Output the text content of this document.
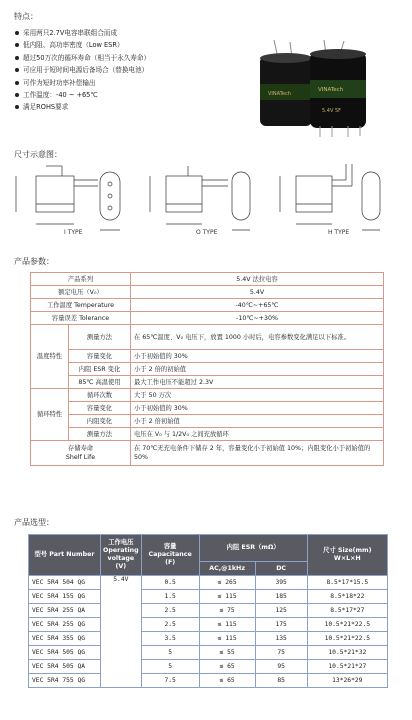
特点：
采用两只2.7V电容串联组合而成
低内阻、高功率密度（Low ESR）
超过50万次的循环寿命（相当于永久寿命）
可应用于短时间电源后备场合（替换电池）
可作为短时功率补偿输出
工作温度：-40 ~ +65℃
满足ROHS要求
VINATech
VINATech
5.4V 5F
尺寸示意图：
I TYPE	O TYPE	H TYPE
产品参数：
产品系列		5.4V 法拉电容
额定电压（V₀）		5.4V
工作温度 Temperature		-40℃~+65℃
容量误差 Tolerance		-10℃~+30%
温度特性	测量方法	在 65℃温度、V₀ 电压下，放置 1000 小时后，电容参数变化满足以下标准。
	容量变化	小于初始值的 30%
	内阻 ESR 变化	小于 2 倍的初始值
	85℃ 高温使用	最大工作电压不能超过 2.3V
循环特性	循环次数	大于 50 万次
	容量变化	小于初始值的 30%
	内阻变化	小于 2 倍初始值
	测量方法	电压在 V₀ 与 1/2V₀ 之间充放循环
存储寿命
Shelf Life		在 70℃无充电条件下储存 2 年，容量变化小于初始值 10%；内阻变化小于初始值的 50%
产品选型：
型号 Part Number	工作电压 Operating voltage (V)	容量 Capacitance (F)	内阻 ESR（mΩ）		尺寸 Size(mm) W×L×H
			AC,@1kHz	DC	
VEC 5R4 504 QG	5.4V	0.5	≤ 265	395	8.5*17*15.5
VEC 5R4 155 QG		1.5	≤ 115	185	8.5*18*22
VEC 5R4 255 QA		2.5	≤ 75	125	8.5*17*27
VEC 5R4 255 QG		2.5	≤ 115	175	10.5*21*22.5
VEC 5R4 355 QG		3.5	≤ 115	135	10.5*21*22.5
VEC 5R4 505 QG		5	≤ 55	75	10.5*21*32
VEC 5R4 505 QA		5	≤ 65	95	10.5*21*27
VEC 5R4 755 QG		7.5	≤ 65	85	13*26*29
